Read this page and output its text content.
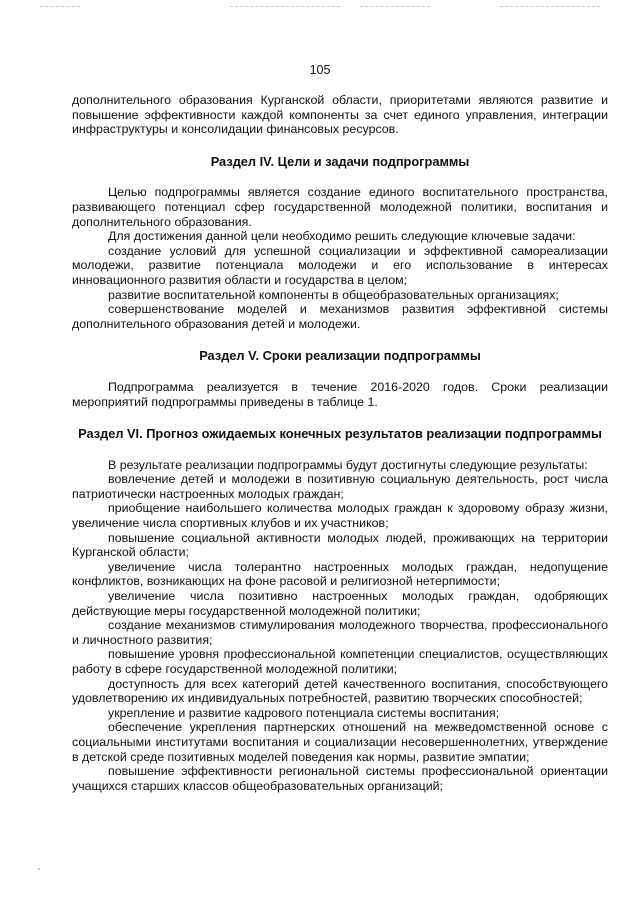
105

дополнительного образования Курганской области, приоритетами являются развитие и повышение эффективности каждой компоненты за счет единого управления, интеграции инфраструктуры и консолидации финансовых ресурсов.

Раздел IV. Цели и задачи подпрограммы

Целью подпрограммы является создание единого воспитательного пространства, развивающего потенциал сфер государственной молодежной политики, воспитания и дополнительного образования.

Для достижения данной цели необходимо решить следующие ключевые задачи:

создание условий для успешной социализации и эффективной самореализации молодежи, развитие потенциала молодежи и его использование в интересах инновационного развития области и государства в целом;

развитие воспитательной компоненты в общеобразовательных организациях;

совершенствование моделей и механизмов развития эффективной системы дополнительного образования детей и молодежи.

Раздел V. Сроки реализации подпрограммы

Подпрограмма реализуется в течение 2016-2020 годов. Сроки реализации мероприятий подпрограммы приведены в таблице 1.

Раздел VI. Прогноз ожидаемых конечных результатов реализации подпрограммы

В результате реализации подпрограммы будут достигнуты следующие результаты:

вовлечение детей и молодежи в позитивную социальную деятельность, рост числа патриотически настроенных молодых граждан;

приобщение наибольшего количества молодых граждан к здоровому образу жизни, увеличение числа спортивных клубов и их участников;

повышение социальной активности молодых людей, проживающих на территории Курганской области;

увеличение числа толерантно настроенных молодых граждан, недопущение конфликтов, возникающих на фоне расовой и религиозной нетерпимости;

увеличение числа позитивно настроенных молодых граждан, одобряющих действующие меры государственной молодежной политики;

создание механизмов стимулирования молодежного творчества, профессионального и личностного развития;

повышение уровня профессиональной компетенции специалистов, осуществляющих работу в сфере государственной молодежной политики;

доступность для всех категорий детей качественного воспитания, способствующего удовлетворению их индивидуальных потребностей, развитию творческих способностей;

укрепление и развитие кадрового потенциала системы воспитания;

обеспечение укрепления партнерских отношений на межведомственной основе с социальными институтами воспитания и социализации несовершеннолетних, утверждение в детской среде позитивных моделей поведения как нормы, развитие эмпатии;

повышение эффективности региональной системы профессиональной ориентации учащихся старших классов общеобразовательных организаций;
